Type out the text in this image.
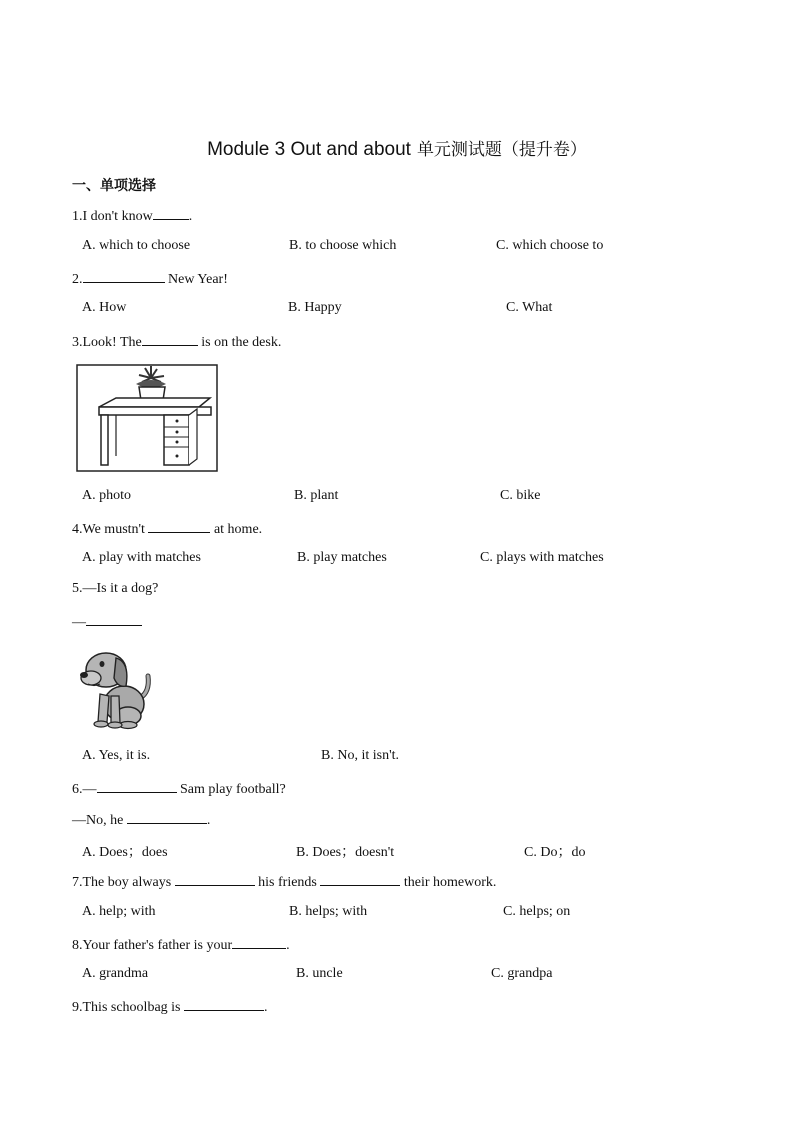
Module 3 Out and about 单元测试题（提升卷）
一、单项选择
1.I don't know	.
A. which to choose	B. to choose which	C. which choose to
2.	New Year!
A. How	B. Happy	C. What
3.Look! The	is on the desk.
A. photo	B. plant	C. bike
4.We mustn't	at home.
A. play with matches	B. play matches	C. plays with matches
5.—Is it a dog?
—
A. Yes, it is.	B. No, it isn't.
6.—	Sam play football?
—No, he	.
A. Does；does	B. Does；doesn't	C. Do；do
7.The boy always	his friends	their homework.
A. help; with	B. helps; with	C. helps; on
8.Your father's father is your	.
A. grandma	B. uncle	C. grandpa
9.This schoolbag is	.
